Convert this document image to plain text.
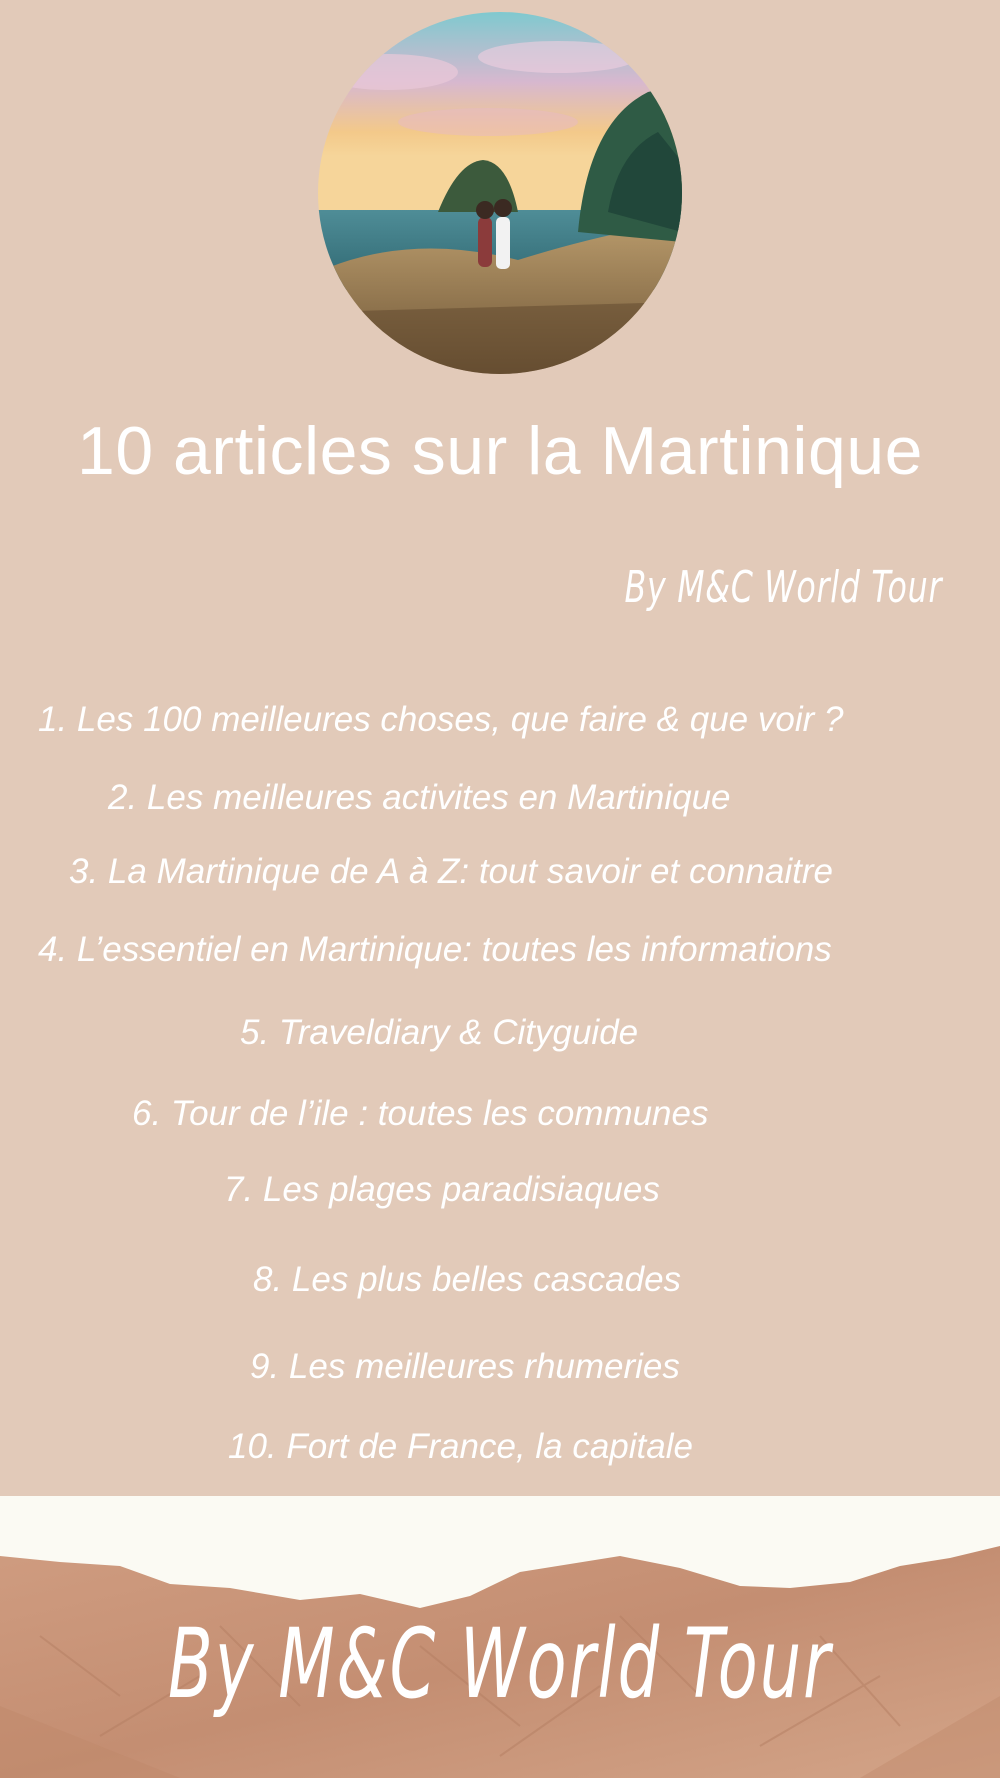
10 articles sur la Martinique
By M&C World Tour
1. Les 100 meilleures choses, que faire & que voir ?
2. Les meilleures activites en Martinique
3. La Martinique de A à Z: tout savoir et connaitre
4. L’essentiel en Martinique: toutes les informations
5. Traveldiary & Cityguide
6. Tour de l’ile : toutes les communes
7. Les plages paradisiaques
8. Les plus belles cascades
9. Les meilleures rhumeries
10. Fort de France, la capitale
By M&C World Tour
